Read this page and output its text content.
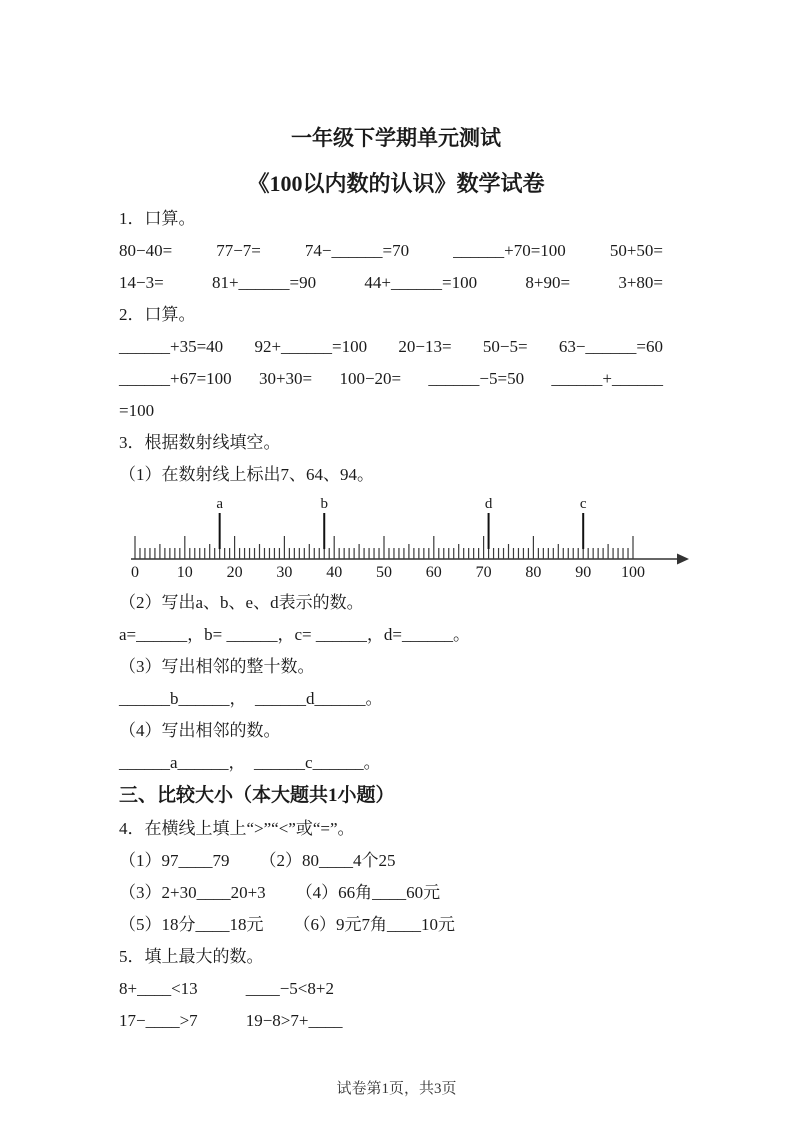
一年级下学期单元测试
《100以内数的认识》数学试卷
1．口算。
80−40=	77−7=	74−______=70	______+70=100	50+50=
14−3=	81+______=90	44+______=100	8+90=	3+80=
2．口算。
______+35=40 92+______=100 20−13= 50−5= 63−______=60
______+67=100 30+30= 100−20= ______−5=50 ______+______
=100
3．根据数射线填空。
（1）在数射线上标出7、64、94。
0 10 20 30 40 50 60 70 80 90 100
a	b	d	c
（2）写出a、b、e、d表示的数。
a=______，b= ______，c= ______，d=______。
（3）写出相邻的整十数。
______b______，　______d______。
（4）写出相邻的数。
______a______，　______c______。
三、比较大小（本大题共1小题）
4．在横线上填上“>”“<”或“=”。
（1）97____79 （2）80____4个25
（3）2+30____20+3 （4）66角____60元
（5）18分____18元 （6）9元7角____10元
5．填上最大的数。
8+____<13	____−5<8+2
17−____>7	19−8>7+____
试卷第1页，共3页
